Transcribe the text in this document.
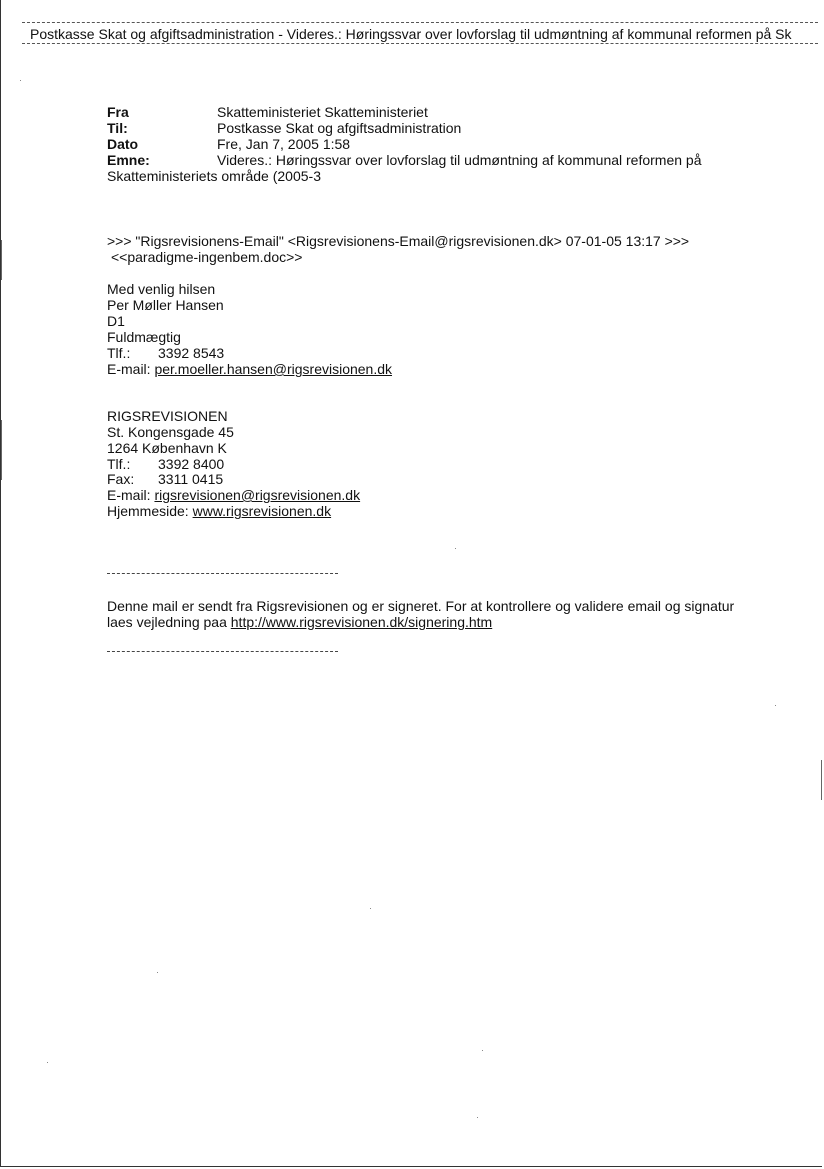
Postkasse Skat og afgiftsadministration - Videres.: Høringssvar over lovforslag til udmøntning af kommunal reformen på Sk
Fra	Skatteministeriet Skatteministeriet
Til:	Postkasse Skat og afgiftsadministration
Dato	Fre, Jan 7, 2005 1:58
Emne:	Videres.: Høringssvar over lovforslag til udmøntning af kommunal reformen på
Skatteministeriets område (2005-3
>>> "Rigsrevisionens-Email" <Rigsrevisionens-Email@rigsrevisionen.dk> 07-01-05 13:17 >>>
<<paradigme-ingenbem.doc>>
Med venlig hilsen
Per Møller Hansen
D1
Fuldmægtig
Tlf.: 3392 8543
E-mail: per.moeller.hansen@rigsrevisionen.dk
RIGSREVISIONEN
St. Kongensgade 45
1264 København K
Tlf.: 3392 8400
Fax: 3311 0415
E-mail: rigsrevisionen@rigsrevisionen.dk
Hjemmeside: www.rigsrevisionen.dk
Denne mail er sendt fra Rigsrevisionen og er signeret. For at kontrollere og validere email og signatur
laes vejledning paa http://www.rigsrevisionen.dk/signering.htm
